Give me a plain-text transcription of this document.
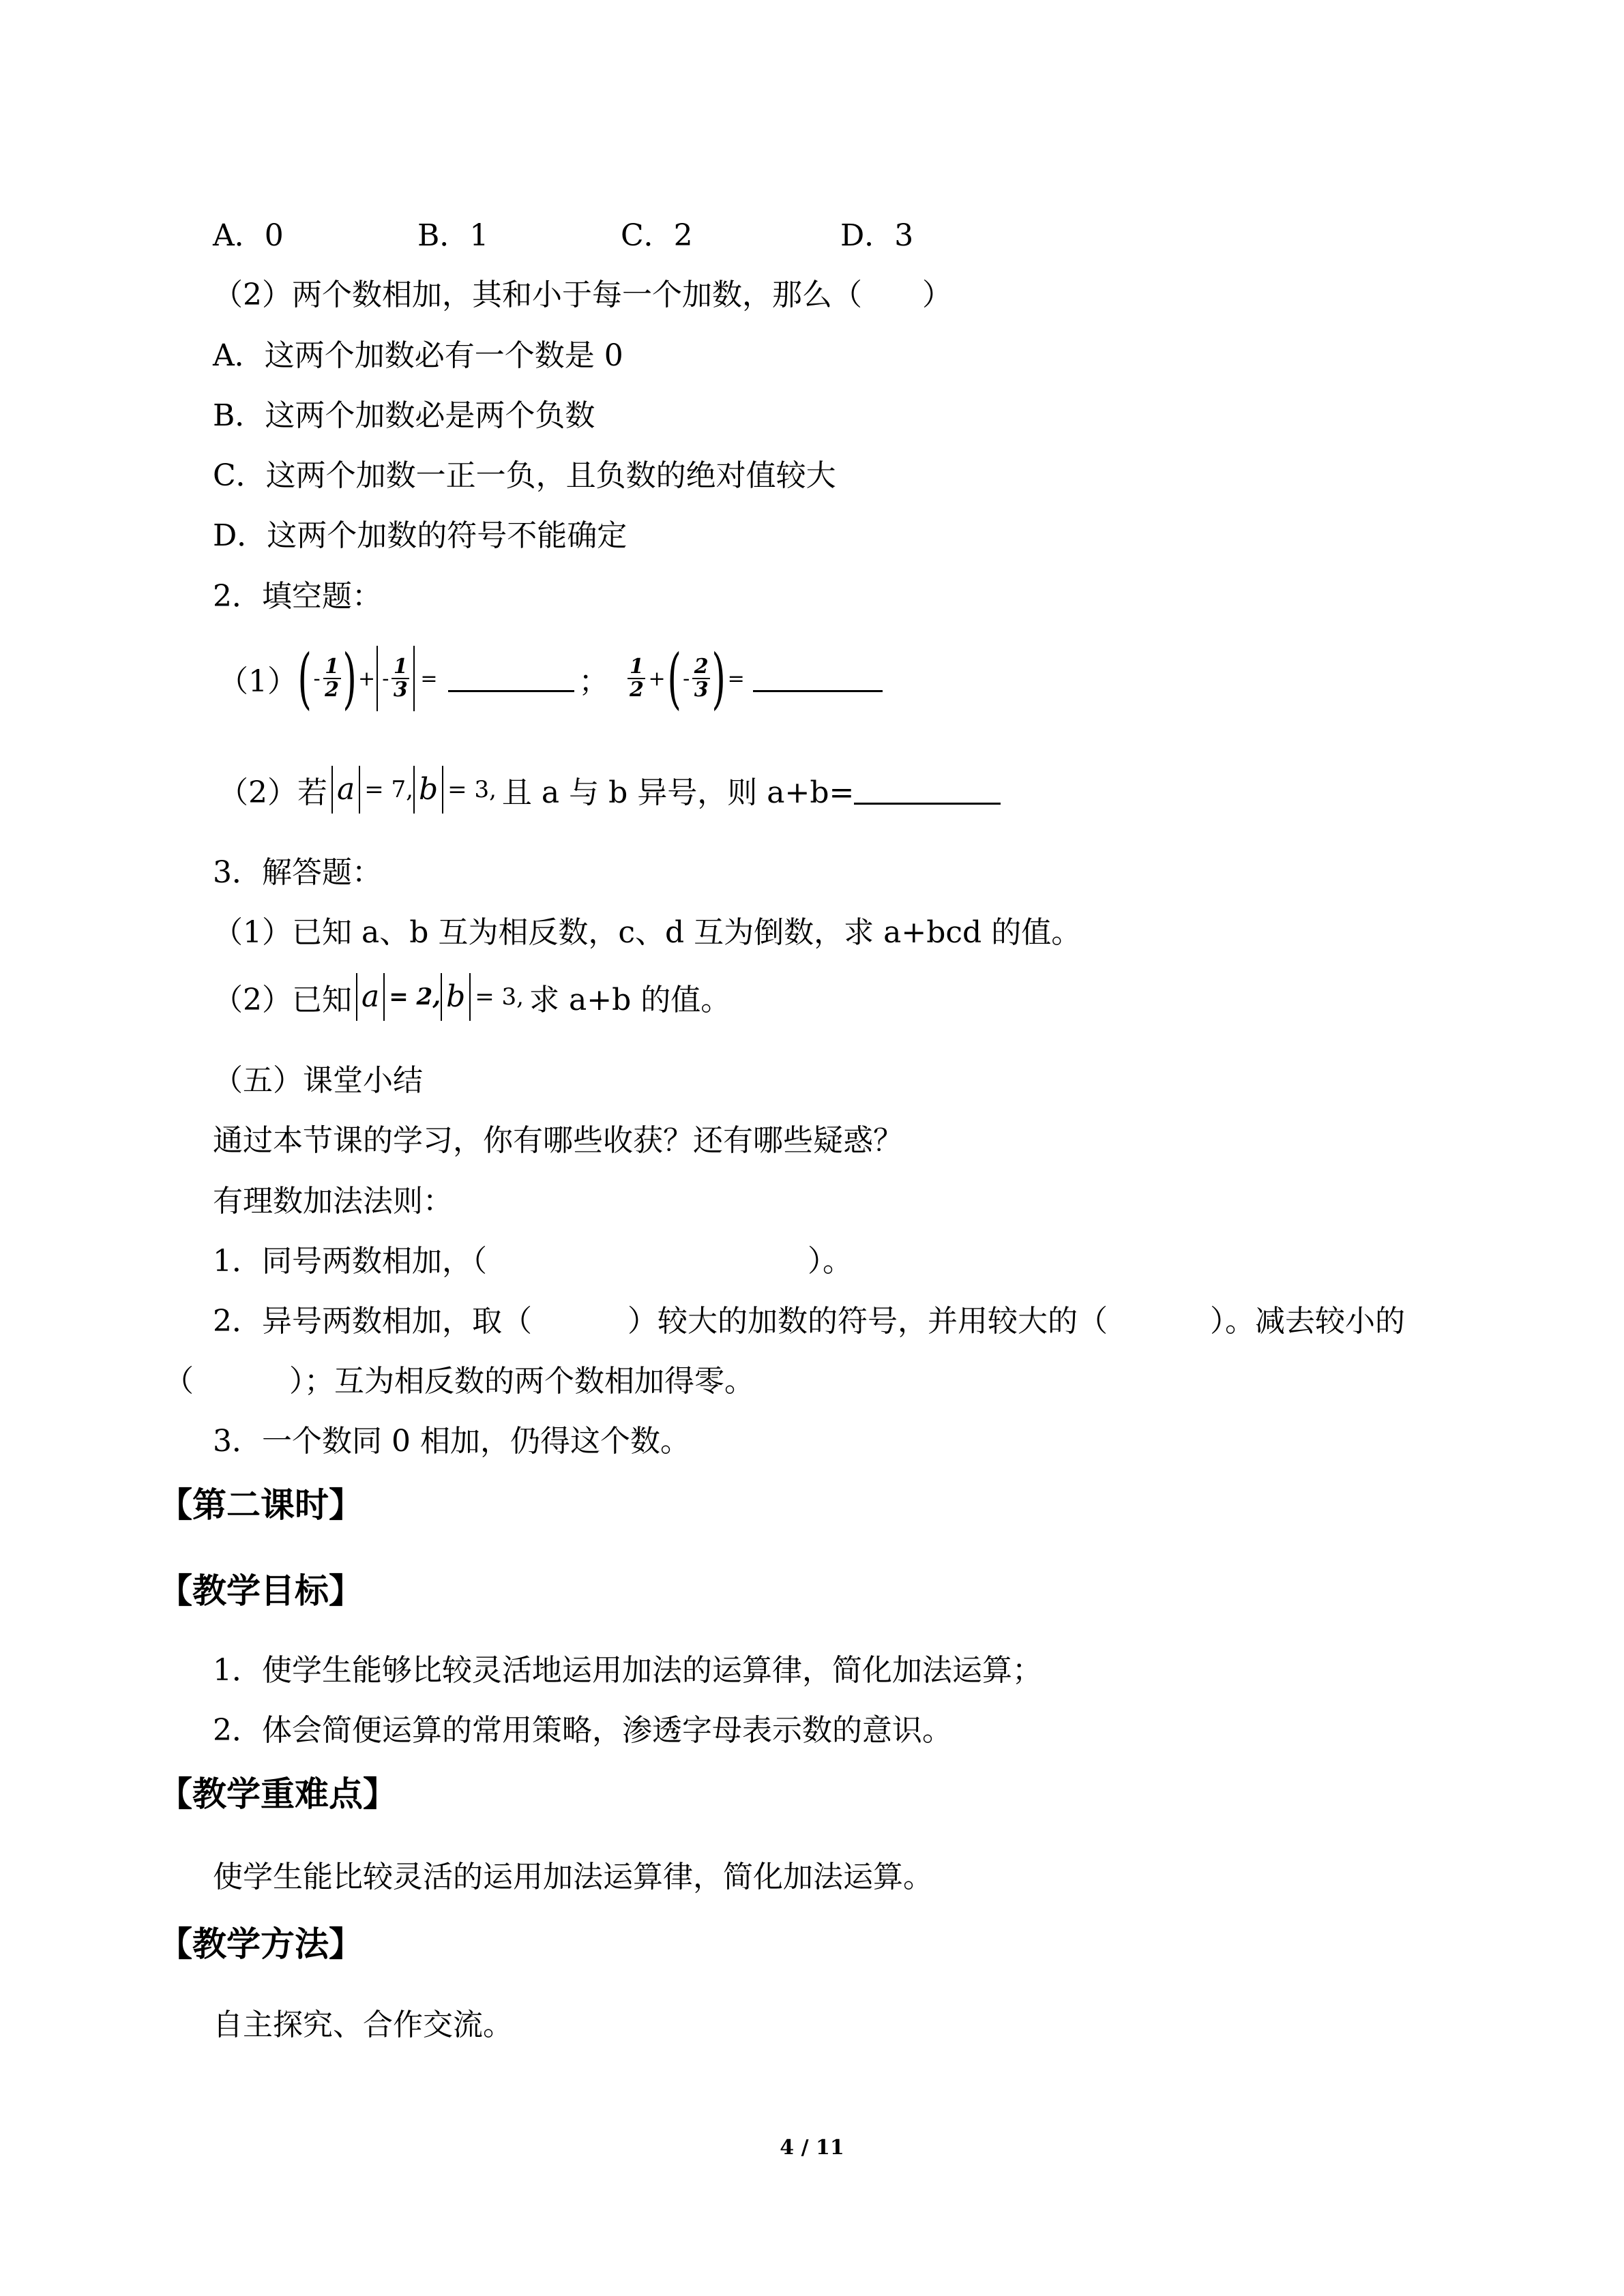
A．0	B．1	C．2	D．3
（2）两个数相加，其和小于每一个加数，那么（　　）
A．这两个加数必有一个数是 0
B．这两个加数必是两个负数
C．这两个加数一正一负，且负数的绝对值较大
D．这两个加数的符号不能确定
2．填空题：
（1） ( - $\frac{1}{2}$ ) + - $\frac{1}{3}$ =	； $\frac{1}{2}$ + ( - $\frac{2}{3}$ ) =
（2）若 a = 7, b = 3, 且 a 与 b 异号，则 a+b=
3．解答题：
（1）已知 a、b 互为相反数，c、d 互为倒数，求 a+bcd 的值。
（2）已知 a = 2, b = 3, 求 a+b 的值。
（五）课堂小结
通过本节课的学习，你有哪些收获？还有哪些疑惑？
有理数加法法则：
1．同号两数相加，（	）。
2．异号两数相加，取（	）较大的加数的符号，并用较大的（	）。减去较小的
（	）；互为相反数的两个数相加得零。
3．一个数同 0 相加，仍得这个数。
【第二课时】
【教学目标】
1．使学生能够比较灵活地运用加法的运算律，简化加法运算；
2．体会简便运算的常用策略，渗透字母表示数的意识。
【教学重难点】
使学生能比较灵活的运用加法运算律，简化加法运算。
【教学方法】
自主探究、合作交流。
4 / 11
